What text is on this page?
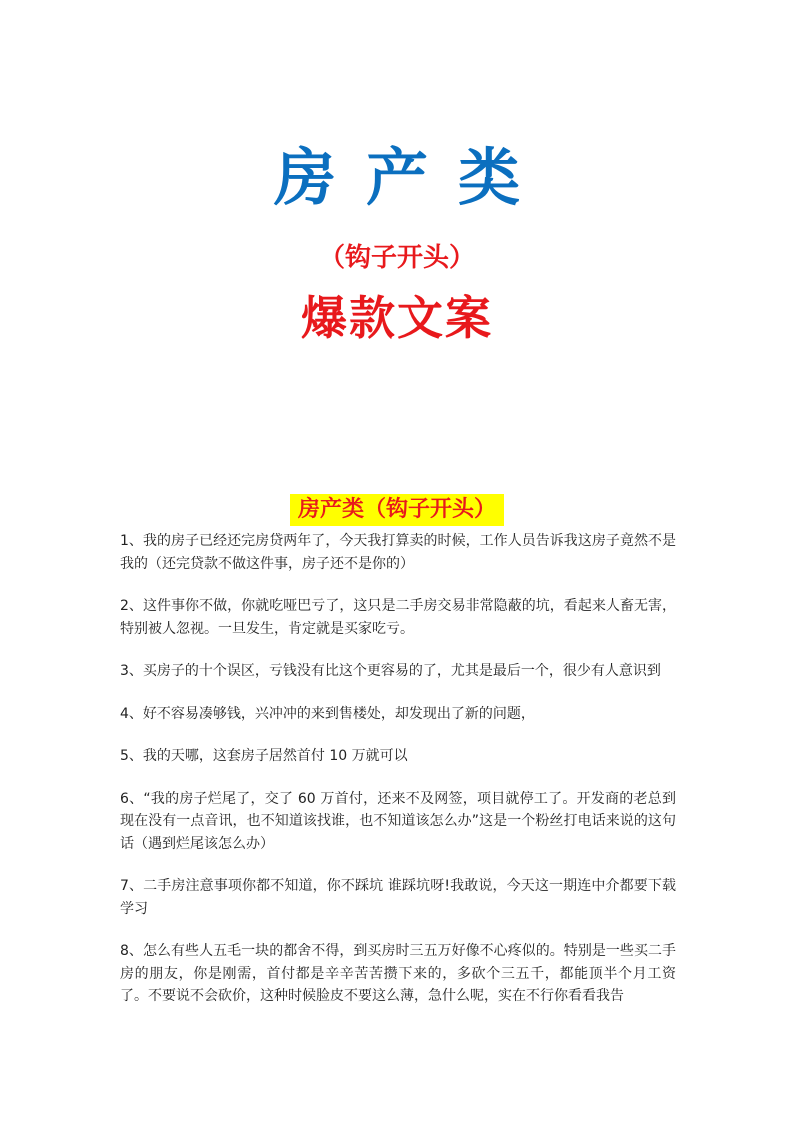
房产类
（钩子开头）
爆款文案
房产类（钩子开头）

1、我的房子已经还完房贷两年了，今天我打算卖的时候，工作人员告诉我这房子竟然不是我的（还完贷款不做这件事，房子还不是你的）

2、这件事你不做，你就吃哑巴亏了，这只是二手房交易非常隐蔽的坑，看起来人畜无害，特别被人忽视。一旦发生，肯定就是买家吃亏。

3、买房子的十个误区，亏钱没有比这个更容易的了，尤其是最后一个，很少有人意识到

4、好不容易凑够钱，兴冲冲的来到售楼处，却发现出了新的问题，

5、我的天哪，这套房子居然首付 10 万就可以

6、“我的房子烂尾了，交了 60 万首付，还来不及网签，项目就停工了。开发商的老总到现在没有一点音讯，也不知道该找谁，也不知道该怎么办”这是一个粉丝打电话来说的这句话（遇到烂尾该怎么办）

7、二手房注意事项你都不知道，你不踩坑 谁踩坑呀!我敢说，今天这一期连中介都要下载学习

8、怎么有些人五毛一块的都舍不得，到买房时三五万好像不心疼似的。特别是一些买二手房的朋友，你是刚需，首付都是辛辛苦苦攒下来的，多砍个三五千，都能顶半个月工资了。不要说不会砍价，这种时候脸皮不要这么薄，急什么呢，实在不行你看看我告
